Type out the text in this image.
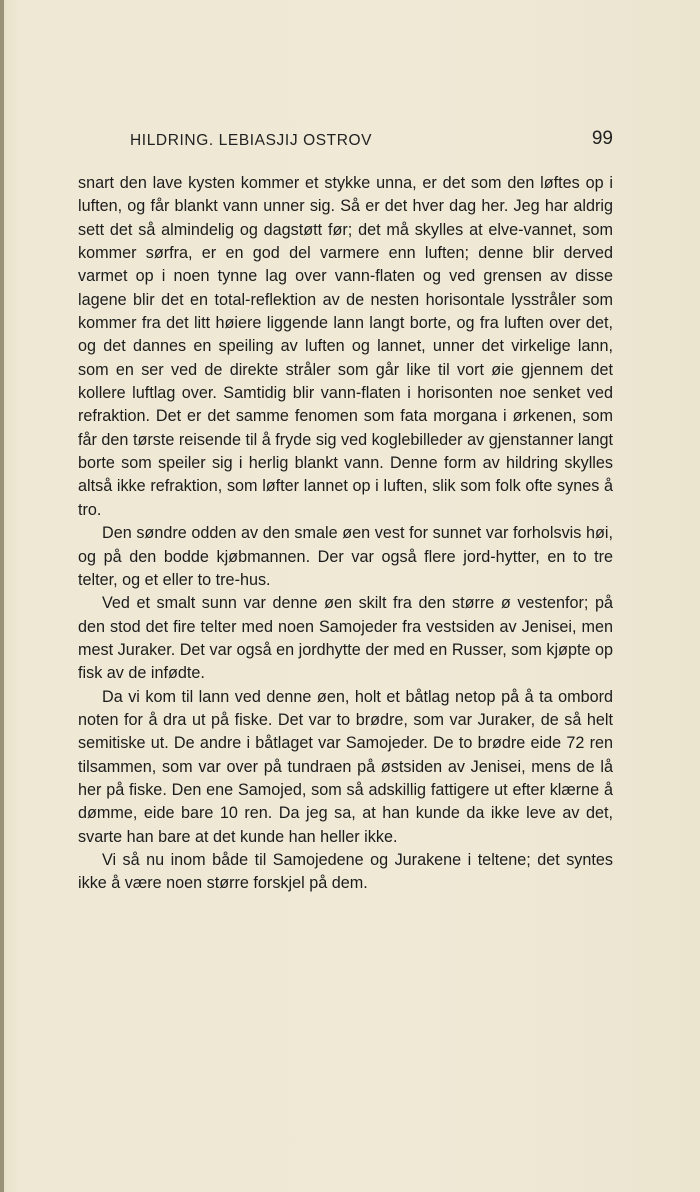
HILDRING. LEBIASJIJ OSTROV	99

snart den lave kysten kommer et stykke unna, er det som den løftes op i luften, og får blankt vann unner sig. Så er det hver dag her. Jeg har aldrig sett det så almindelig og dagstøtt før; det må skylles at elve-vannet, som kommer sørfra, er en god del varmere enn luften; denne blir derved varmet op i noen tynne lag over vann-flaten og ved grensen av disse lagene blir det en total-reflektion av de nesten horisontale lysstråler som kommer fra det litt høiere liggende lann langt borte, og fra luften over det, og det dannes en speiling av luften og lannet, unner det virkelige lann, som en ser ved de direkte stråler som går like til vort øie gjennem det kollere luftlag over. Samtidig blir vann-flaten i horisonten noe senket ved refraktion. Det er det samme fenomen som fata morgana i ørkenen, som får den tørste reisende til å fryde sig ved koglebilleder av gjenstanner langt borte som speiler sig i herlig blankt vann. Denne form av hildring skylles altså ikke refraktion, som løfter lannet op i luften, slik som folk ofte synes å tro.

Den søndre odden av den smale øen vest for sunnet var forholsvis høi, og på den bodde kjøbmannen. Der var også flere jord-hytter, en to tre telter, og et eller to tre-hus.

Ved et smalt sunn var denne øen skilt fra den større ø vestenfor; på den stod det fire telter med noen Samojeder fra vestsiden av Jenisei, men mest Juraker. Det var også en jordhytte der med en Russer, som kjøpte op fisk av de infødte.

Da vi kom til lann ved denne øen, holt et båtlag netop på å ta ombord noten for å dra ut på fiske. Det var to brødre, som var Juraker, de så helt semitiske ut. De andre i båtlaget var Samojeder. De to brødre eide 72 ren tilsammen, som var over på tundraen på østsiden av Jenisei, mens de lå her på fiske. Den ene Samojed, som så adskillig fattigere ut efter klærne å dømme, eide bare 10 ren. Da jeg sa, at han kunde da ikke leve av det, svarte han bare at det kunde han heller ikke.

Vi så nu inom både til Samojedene og Jurakene i teltene; det syntes ikke å være noen større forskjel på dem.
